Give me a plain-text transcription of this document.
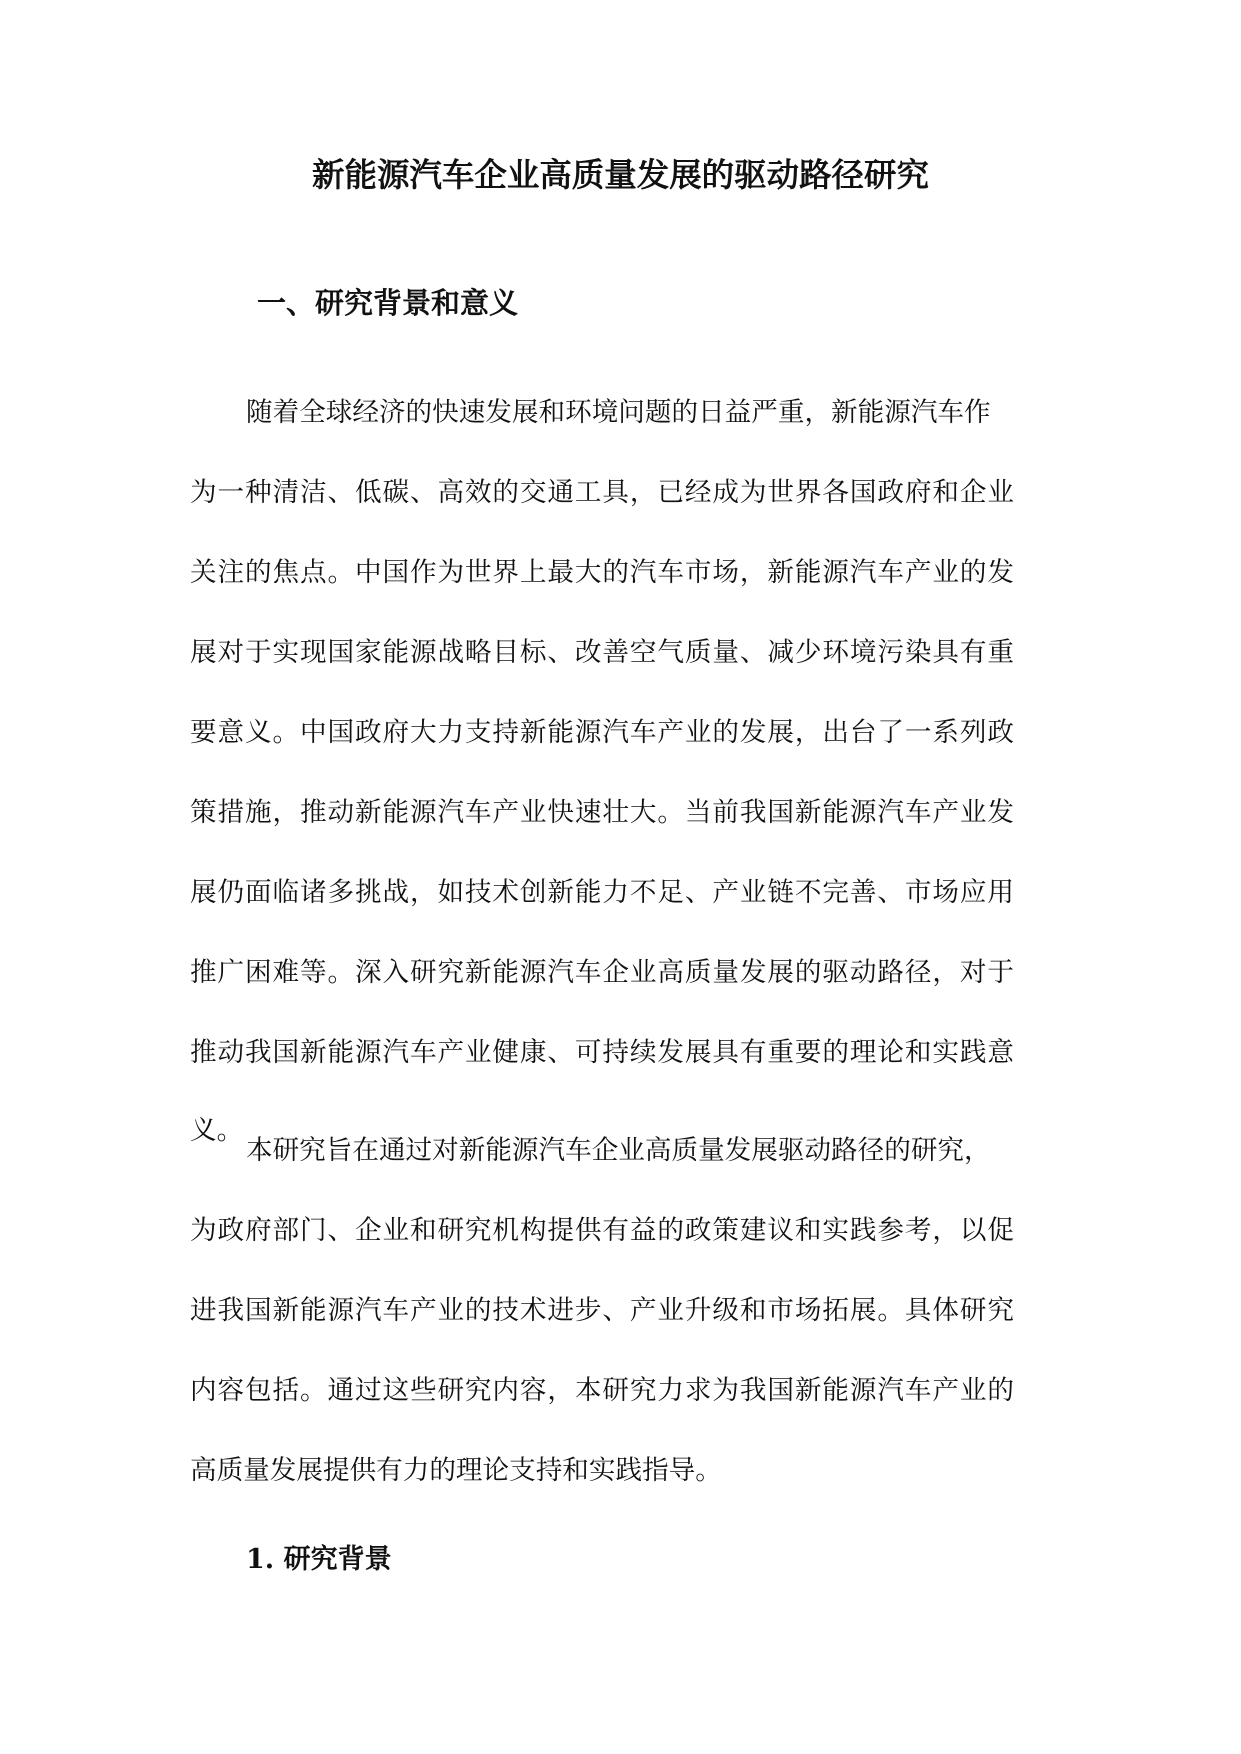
新能源汽车企业高质量发展的驱动路径研究
一、研究背景和意义
随着全球经济的快速发展和环境问题的日益严重，新能源汽车作
为一种清洁、低碳、高效的交通工具，已经成为世界各国政府和企业
关注的焦点。中国作为世界上最大的汽车市场，新能源汽车产业的发
展对于实现国家能源战略目标、改善空气质量、减少环境污染具有重
要意义。中国政府大力支持新能源汽车产业的发展，出台了一系列政
策措施，推动新能源汽车产业快速壮大。当前我国新能源汽车产业发
展仍面临诸多挑战，如技术创新能力不足、产业链不完善、市场应用
推广困难等。深入研究新能源汽车企业高质量发展的驱动路径，对于
推动我国新能源汽车产业健康、可持续发展具有重要的理论和实践意
义。
本研究旨在通过对新能源汽车企业高质量发展驱动路径的研究，
为政府部门、企业和研究机构提供有益的政策建议和实践参考，以促
进我国新能源汽车产业的技术进步、产业升级和市场拓展。具体研究
内容包括。通过这些研究内容，本研究力求为我国新能源汽车产业的
高质量发展提供有力的理论支持和实践指导。
1. 研究背景
